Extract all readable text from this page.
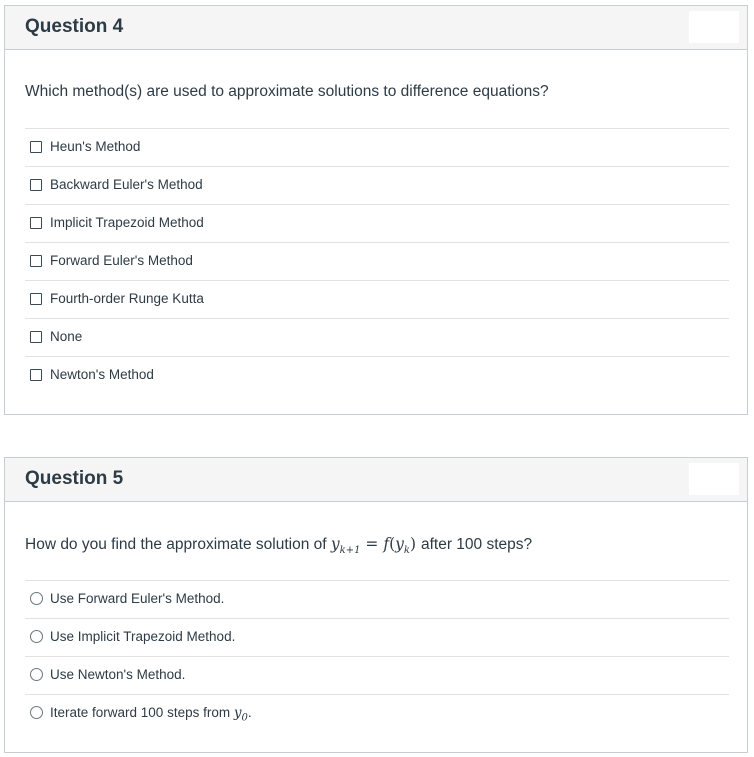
Question 4
Which method(s) are used to approximate solutions to difference equations?
Heun's Method
Backward Euler's Method
Implicit Trapezoid Method
Forward Euler's Method
Fourth-order Runge Kutta
None
Newton's Method
Question 5
How do you find the approximate solution of $y_{k+1} = f(y_k)$ after 100 steps?
Use Forward Euler's Method.
Use Implicit Trapezoid Method.
Use Newton's Method.
Iterate forward 100 steps from $y_0$.
